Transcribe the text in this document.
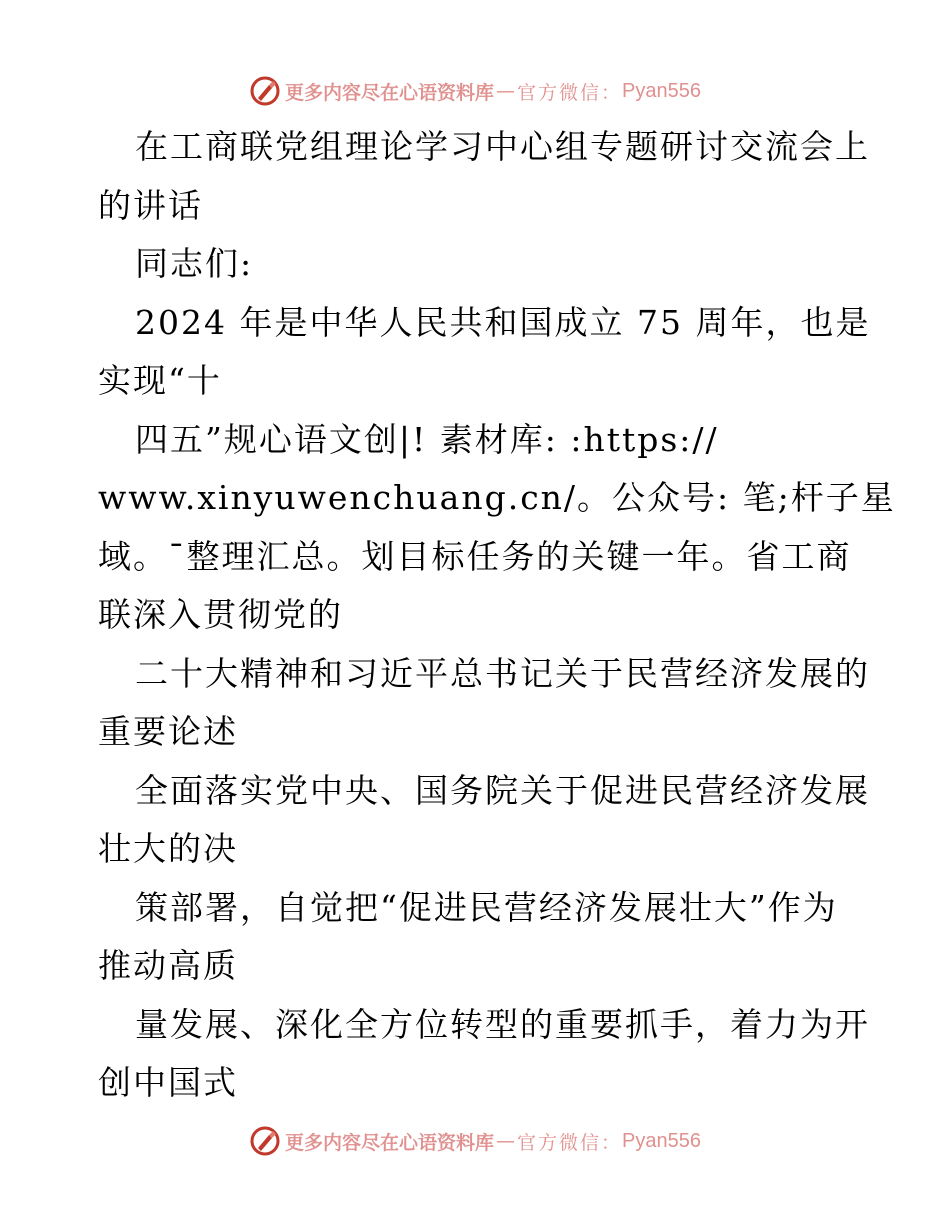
更多内容尽在心语资料库 — 官方微信： Pyan556
在工商联党组理论学习中心组专题研讨交流会上
的讲话
同志们:
2024 年是中华人民共和国成立 75 周年，也是
实现“十
四五”规心语文创|! 素材库: :https://
www.xinyuwenchuang.cn/。公众号: 笔;杆子星
域。¯整理汇总。划目标任务的关键一年。省工商
联深入贯彻党的
二十大精神和习近平总书记关于民营经济发展的
重要论述
全面落实党中央、国务院关于促进民营经济发展
壮大的决
策部署，自觉把“促进民营经济发展壮大”作为
推动高质
量发展、深化全方位转型的重要抓手，着力为开
创中国式
更多内容尽在心语资料库 — 官方微信： Pyan556
